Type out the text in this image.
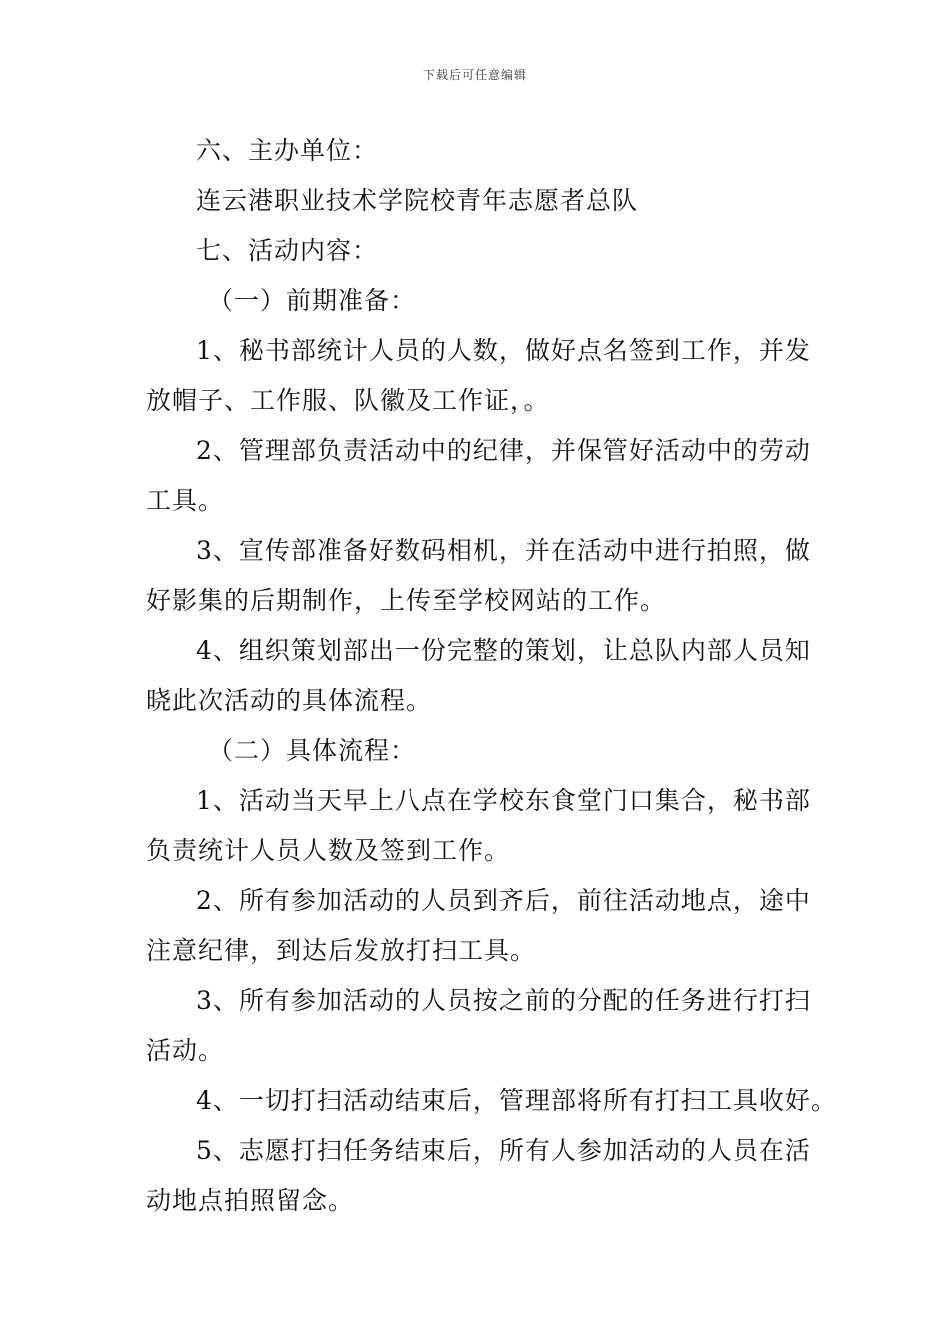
下载后可任意编辑
六、主办单位：
连云港职业技术学院校青年志愿者总队
七、活动内容：
（一）前期准备：
1、秘书部统计人员的人数，做好点名签到工作，并发
放帽子、工作服、队徽及工作证，。
2、管理部负责活动中的纪律，并保管好活动中的劳动
工具。
3、宣传部准备好数码相机，并在活动中进行拍照，做
好影集的后期制作，上传至学校网站的工作。
4、组织策划部出一份完整的策划，让总队内部人员知
晓此次活动的具体流程。
（二）具体流程：
1、活动当天早上八点在学校东食堂门口集合，秘书部
负责统计人员人数及签到工作。
2、所有参加活动的人员到齐后，前往活动地点，途中
注意纪律，到达后发放打扫工具。
3、所有参加活动的人员按之前的分配的任务进行打扫
活动。
4、一切打扫活动结束后，管理部将所有打扫工具收好。
5、志愿打扫任务结束后，所有人参加活动的人员在活
动地点拍照留念。
